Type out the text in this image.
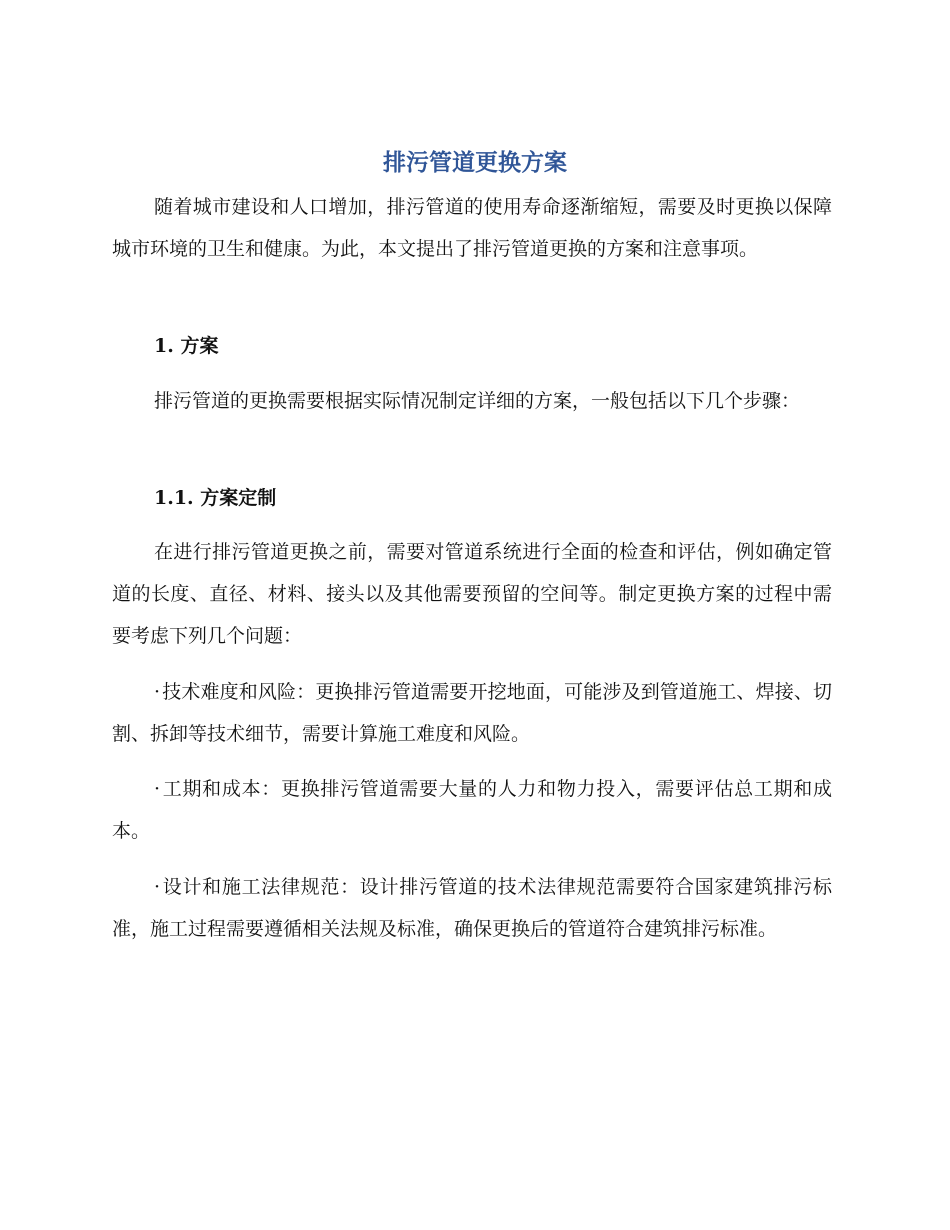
排污管道更换方案

随着城市建设和人口增加，排污管道的使用寿命逐渐缩短，需要及时更换以保障城市环境的卫生和健康。为此，本文提出了排污管道更换的方案和注意事项。

1. 方案

排污管道的更换需要根据实际情况制定详细的方案，一般包括以下几个步骤：

1.1. 方案定制

在进行排污管道更换之前，需要对管道系统进行全面的检查和评估，例如确定管道的长度、直径、材料、接头以及其他需要预留的空间等。制定更换方案的过程中需要考虑下列几个问题：

· 技术难度和风险：更换排污管道需要开挖地面，可能涉及到管道施工、焊接、切割、拆卸等技术细节，需要计算施工难度和风险。

· 工期和成本：更换排污管道需要大量的人力和物力投入，需要评估总工期和成本。

· 设计和施工法律规范：设计排污管道的技术法律规范需要符合国家建筑排污标准，施工过程需要遵循相关法规及标准，确保更换后的管道符合建筑排污标准。
